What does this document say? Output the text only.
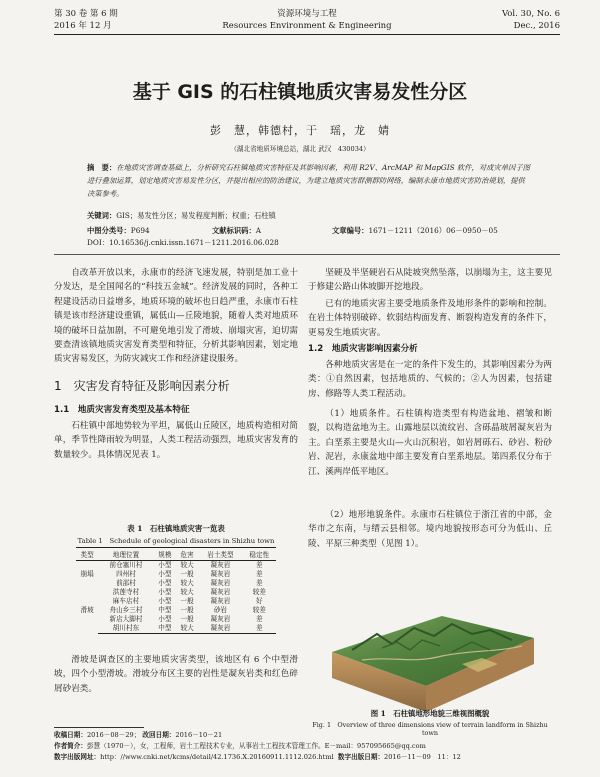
第 30 卷 第 6 期
2016 年 12 月
资源环境与工程
Resources Environment & Engineering
Vol. 30, No. 6
Dec., 2016
基于 GIS 的石柱镇地质灾害易发性分区
彭　慧，韩德村，于　瑶，龙　婧
（湖北省地质环境总站，湖北 武汉　430034）
摘　要：在地质灾害调查基础上，分析研究石柱镇地质灾害特征及其影响因素，利用 R2V、ArcMAP 和 MapGIS 软件，对成灾单因子图进行叠加运算，划定地质灾害易发性分区，并提出相应的防治建议，为建立地质灾害群测群防网络，编制永康市地质灾害防治规划，提供决策参考。
关键词：GIS；易发性分区；易发程度判断；权重；石柱镇
中图分类号：P694	文献标识码：A	文章编号：1671－1211（2016）06－0950－05
DOI：10.16536/j.cnki.issn.1671－1211.2016.06.028

自改革开放以来，永康市的经济飞速发展，特别是加工业十分发达，是全国闻名的“科技五金城”。经济发展的同时，各种工程建设活动日益增多，地质环境的破坏也日趋严重，永康市石柱镇是该市经济建设重镇，属低山—丘陵地貌，随着人类对地质环境的破坏日益加剧，不可避免地引发了滑坡、崩塌灾害，迫切需要查清该镇地质灾害发育类型和特征，分析其影响因素，划定地质灾害易发区，为防灾减灾工作和经济建设服务。

1　灾害发育特征及影响因素分析
1.1　地质灾害发育类型及基本特征

石柱镇中部地势较为平坦，属低山丘陵区，地质构造相对简单，季节性降雨较为明显，人类工程活动强烈，地质灾害发育的数量较少。具体情况见表 1。

表 1　石柱镇地质灾害一览表
Table 1　Schedule of geological disasters in Shizhu town
类型	地理位置	规模	危害	岩土类型	稳定性
崩塌	前仓塞川村	小型	较大	凝灰岩	差
	四州村	小型	一般	凝灰岩	差
	前邵村	小型	较大	凝灰岩	差
滑坡	洪莲寺村	小型	较大	凝灰岩	较差
	麻车店村	小型	一般	凝灰岩	好
	舟山乡三村	中型	一般	砂岩	较差
	新店大脚村	小型	一般	凝灰岩	差
	胡川村东	中型	较大	凝灰岩	差

滑坡是调查区的主要地质灾害类型，该地区有 6 个中型滑坡，四个小型滑坡。滑坡分布区主要的岩性是凝灰岩类和红色碎屑砂岩类。

坚硬及半坚硬岩石从陡坡突然坠落，以崩塌为主，这主要见于修建公路山体坡脚开挖地段。

已有的地质灾害主要受地质条件及地形条件的影响和控制。在岩土体特别破碎、软弱结构面发育、断裂构造发育的条件下，更易发生地质灾害。

1.2　地质灾害影响因素分析

各种地质灾害是在一定的条件下发生的，其影响因素分为两类：①自然因素，包括地质的、气候的；②人为因素，包括建房、修路等人类工程活动。

（1）地质条件。石柱镇构造类型有构造盆地、褶皱和断裂，以构造盆地为主。山露地层以流纹岩、含砾晶玻屑凝灰岩为主。白垩系主要是火山—火山沉积岩，如岩屑砾石、砂岩、粉砂岩、泥岩，永康盆地中部主要发育白垩系地层。第四系仅分布于江、溪两岸低平地区。

（2）地形地貌条件。永康市石柱镇位于浙江省的中部，金华市之东南，与缙云县相邻。境内地貌按形态可分为低山、丘陵、平原三种类型（见图 1）。

图 1　石柱镇地形地貌三维视图概貌
Fig. 1　Overview of three dimensions view of terrain landform in Shizhu town
收稿日期：2016－08－29； 改回日期：2016－10－21
作者简介：彭慧（1970－），女，工程师，岩土工程技术专业，从事岩土工程技术管理工作。E－mail：957095665@qq.com
数字出版网址：http：//www.cnki.net/kcms/detail/42.1736.X.20160911.1112.026.html 数字出版日期：2016－11－09　11：12
